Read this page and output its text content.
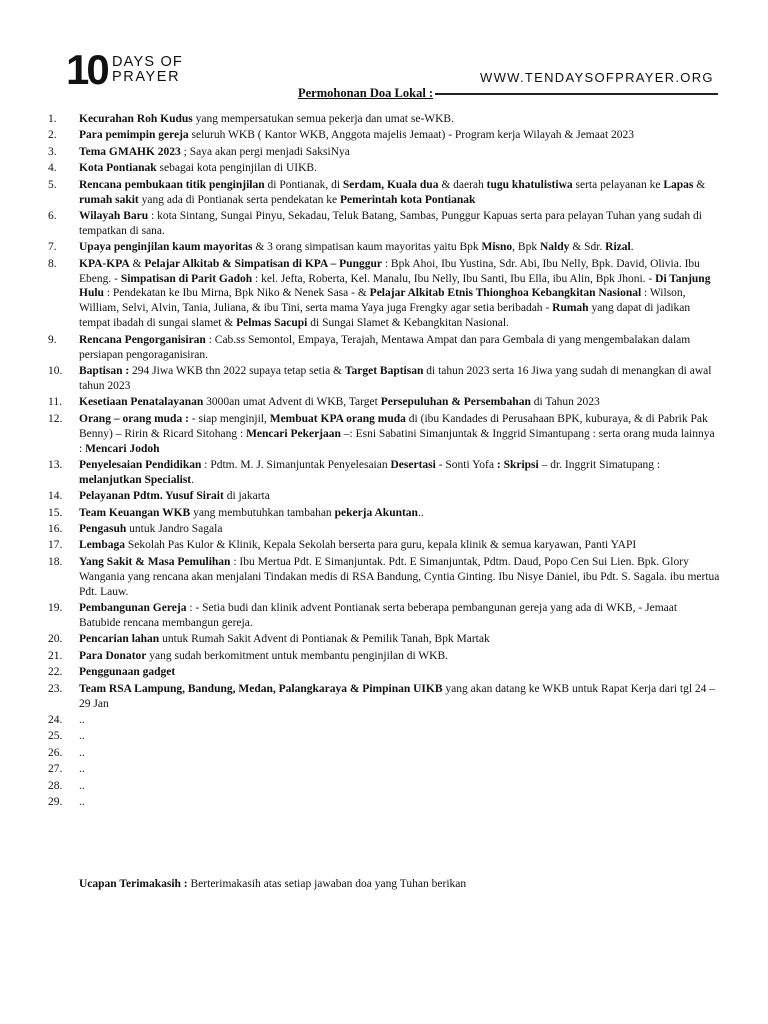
10 DAYS OF
PRAYER	WWW.TENDAYSOFPRAYER.ORG
Permohonan Doa Lokal :
1. Kecurahan Roh Kudus yang mempersatukan semua pekerja dan umat se-WKB.
2. Para pemimpin gereja seluruh WKB ( Kantor WKB, Anggota majelis Jemaat) - Program kerja Wilayah & Jemaat 2023
3. Tema GMAHK 2023 ; Saya akan pergi menjadi SaksiNya
4. Kota Pontianak sebagai kota penginjilan di UIKB.
5. Rencana pembukaan titik penginjilan di Pontianak, di Serdam, Kuala dua & daerah tugu khatulistiwa serta pelayanan ke Lapas & rumah sakit yang ada di Pontianak serta pendekatan ke Pemerintah kota Pontianak
6. Wilayah Baru : kota Sintang, Sungai Pinyu, Sekadau, Teluk Batang, Sambas, Punggur Kapuas serta para pelayan Tuhan yang sudah di tempatkan di sana.
7. Upaya penginjilan kaum mayoritas & 3 orang simpatisan kaum mayoritas yaitu Bpk Misno, Bpk Naldy & Sdr. Rizal.
8. KPA-KPA & Pelajar Alkitab & Simpatisan di KPA – Punggur : Bpk Ahoi, Ibu Yustina, Sdr. Abi, Ibu Nelly, Bpk. David, Olivia. Ibu Ebeng. - Simpatisan di Parit Gadoh : kel. Jefta, Roberta, Kel. Manalu, Ibu Nelly, Ibu Santi, Ibu Ella, ibu Alin, Bpk Jhoni. - Di Tanjung Hulu : Pendekatan ke Ibu Mirna, Bpk Niko & Nenek Sasa - & Pelajar Alkitab Etnis Thionghoa Kebangkitan Nasional : Wilson, William, Selvi, Alvin, Tania, Juliana, & ibu Tini, serta mama Yaya juga Frengky agar setia beribadah - Rumah yang dapat di jadikan tempat ibadah di sungai slamet & Pelmas Sacupi di Sungai Slamet & Kebangkitan Nasional.
9. Rencana Pengorganisiran : Cab.ss Semontol, Empaya, Terajah, Mentawa Ampat dan para Gembala di yang mengembalakan dalam persiapan pengoraganisiran.
10. Baptisan : 294 Jiwa WKB thn 2022 supaya tetap setia & Target Baptisan di tahun 2023 serta 16 Jiwa yang sudah di menangkan di awal tahun 2023
11. Kesetiaan Penatalayanan 3000an umat Advent di WKB, Target Persepuluhan & Persembahan di Tahun 2023
12. Orang – orang muda : - siap menginjil, Membuat KPA orang muda di (ibu Kandades di Perusahaan BPK, kuburaya, & di Pabrik Pak Benny) – Ririn & Ricard Sitohang : Mencari Pekerjaan –: Esni Sabatini Simanjuntak & Inggrid Simantupang : serta orang muda lainnya : Mencari Jodoh
13. Penyelesaian Pendidikan : Pdtm. M. J. Simanjuntak Penyelesaian Desertasi - Sonti Yofa : Skripsi – dr. Inggrit Simatupang : melanjutkan Specialist.
14. Pelayanan Pdtm. Yusuf Sirait di jakarta
15. Team Keuangan WKB yang membutuhkan tambahan pekerja Akuntan..
16. Pengasuh untuk Jandro Sagala
17. Lembaga Sekolah Pas Kulor & Klinik, Kepala Sekolah berserta para guru, kepala klinik & semua karyawan, Panti YAPI
18. Yang Sakit & Masa Pemulihan : Ibu Mertua Pdt. E Simanjuntak. Pdt. E Simanjuntak, Pdtm. Daud, Popo Cen Sui Lien. Bpk. Glory Wangania yang rencana akan menjalani Tindakan medis di RSA Bandung, Cyntia Ginting. Ibu Nisye Daniel, ibu Pdt. S. Sagala. ibu mertua Pdt. Lauw.
19. Pembangunan Gereja : - Setia budi dan klinik advent Pontianak serta beberapa pembangunan gereja yang ada di WKB, - Jemaat Batubide rencana membangun gereja.
20. Pencarian lahan untuk Rumah Sakit Advent di Pontianak & Pemilik Tanah, Bpk Martak
21. Para Donator yang sudah berkomitment untuk membantu penginjilan di WKB.
22. Penggunaan gadget
23. Team RSA Lampung, Bandung, Medan, Palangkaraya & Pimpinan UIKB yang akan datang ke WKB untuk Rapat Kerja dari tgl 24 – 29 Jan
24. ..
25. ..
26. ..
27. ..
28. ..
29. ..
Ucapan Terimakasih : Berterimakasih atas setiap jawaban doa yang Tuhan berikan
